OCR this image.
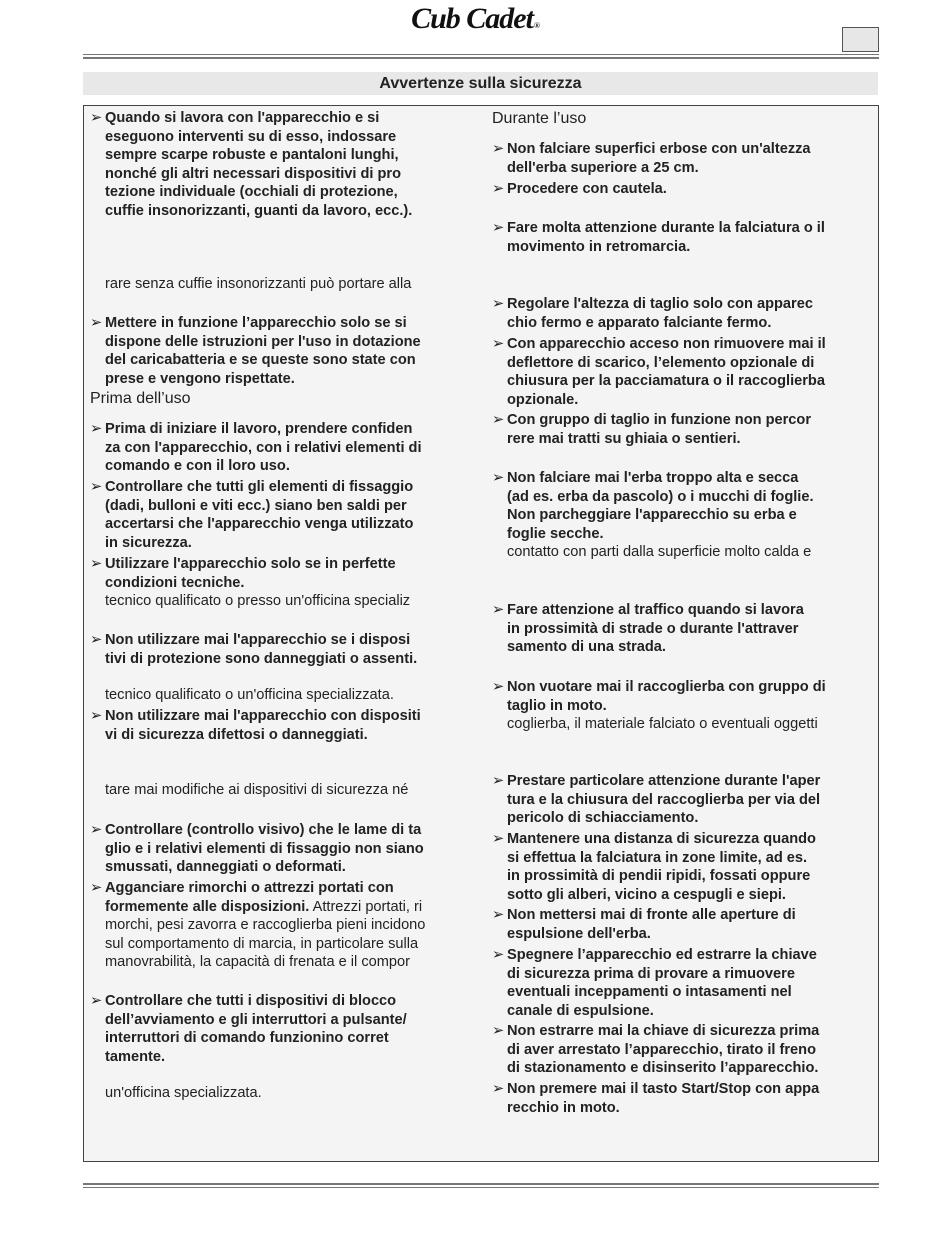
Cub Cadet®
Avvertenze sulla sicurezza
➢ Quando si lavora con l'apparecchio e si
eseguono interventi su di esso, indossare
sempre scarpe robuste e pantaloni lunghi,
nonché gli altri necessari dispositivi di pro
tezione individuale (occhiali di protezione,
cuffie insonorizzanti, guanti da lavoro, ecc.).
rare senza cuffie insonorizzanti può portare alla
➢ Mettere in funzione l’apparecchio solo se si
dispone delle istruzioni per l'uso in dotazione
del caricabatteria e se queste sono state con
prese e vengono rispettate.
Prima dell’uso
➢ Prima di iniziare il lavoro, prendere confiden
za con l'apparecchio, con i relativi elementi di
comando e con il loro uso.
➢ Controllare che tutti gli elementi di fissaggio
(dadi, bulloni e viti ecc.) siano ben saldi per
accertarsi che l'apparecchio venga utilizzato
in sicurezza.
➢ Utilizzare l'apparecchio solo se in perfette
condizioni tecniche.
tecnico qualificato o presso un'officina specializ
➢ Non utilizzare mai l'apparecchio se i disposi
tivi di protezione sono danneggiati o assenti.
tecnico qualificato o un'officina specializzata.
➢ Non utilizzare mai l'apparecchio con dispositi
vi di sicurezza difettosi o danneggiati.
tare mai modifiche ai dispositivi di sicurezza né
➢ Controllare (controllo visivo) che le lame di ta
glio e i relativi elementi di fissaggio non siano
smussati, danneggiati o deformati.
➢ Agganciare rimorchi o attrezzi portati con
formemente alle disposizioni. Attrezzi portati, ri
morchi, pesi zavorra e raccoglierba pieni incidono
sul comportamento di marcia, in particolare sulla
manovrabilità, la capacità di frenata e il compor
➢ Controllare che tutti i dispositivi di blocco
dell’avviamento e gli interruttori a pulsante/
interruttori di comando funzionino corret
tamente.
un'officina specializzata.
Durante l’uso
➢ Non falciare superfici erbose con un'altezza
dell'erba superiore a 25 cm.
➢ Procedere con cautela.
➢ Fare molta attenzione durante la falciatura o il
movimento in retromarcia.
➢ Regolare l'altezza di taglio solo con apparec
chio fermo e apparato falciante fermo.
➢ Con apparecchio acceso non rimuovere mai il
deflettore di scarico, l’elemento opzionale di
chiusura per la pacciamatura o il raccoglierba
opzionale.
➢ Con gruppo di taglio in funzione non percor
rere mai tratti su ghiaia o sentieri.
➢ Non falciare mai l'erba troppo alta e secca
(ad es. erba da pascolo) o i mucchi di foglie.
Non parcheggiare l'apparecchio su erba e
foglie secche.
contatto con parti dalla superficie molto calda e
➢ Fare attenzione al traffico quando si lavora
in prossimità di strade o durante l'attraver
samento di una strada.
➢ Non vuotare mai il raccoglierba con gruppo di
taglio in moto.
coglierba, il materiale falciato o eventuali oggetti
➢ Prestare particolare attenzione durante l'aper
tura e la chiusura del raccoglierba per via del
pericolo di schiacciamento.
➢ Mantenere una distanza di sicurezza quando
si effettua la falciatura in zone limite, ad es.
in prossimità di pendii ripidi, fossati oppure
sotto gli alberi, vicino a cespugli e siepi.
➢ Non mettersi mai di fronte alle aperture di
espulsione dell'erba.
➢ Spegnere l’apparecchio ed estrarre la chiave
di sicurezza prima di provare a rimuovere
eventuali inceppamenti o intasamenti nel
canale di espulsione.
➢ Non estrarre mai la chiave di sicurezza prima
di aver arrestato l’apparecchio, tirato il freno
di stazionamento e disinserito l’apparecchio.
➢ Non premere mai il tasto Start/Stop con appa
recchio in moto.
